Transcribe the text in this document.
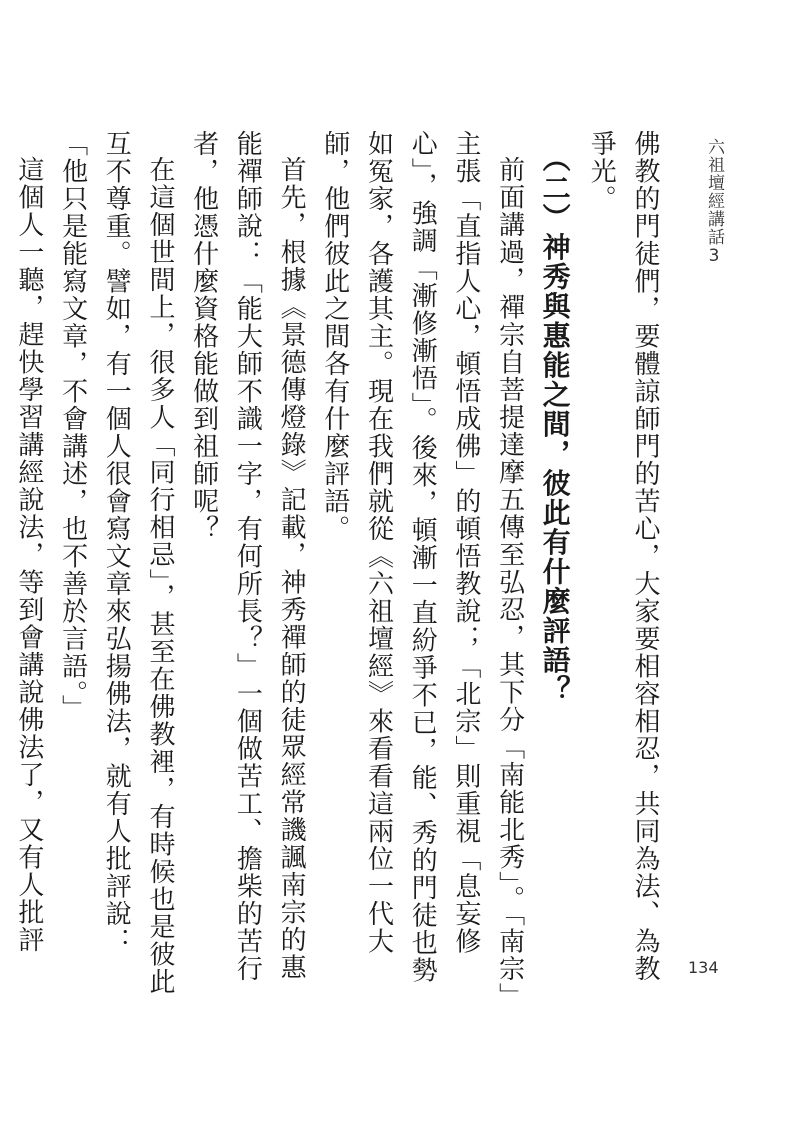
六祖壇經講話3
134

佛教的門徒們，要體諒師門的苦心，大家要相容相忍，共同為法、為教爭光。

（二）神秀與惠能之間，彼此有什麼評語？

前面講過，禪宗自菩提達摩五傳至弘忍，其下分「南能北秀」。「南宗」主張「直指人心，頓悟成佛」的頓悟教說；「北宗」則重視「息妄修心」，強調「漸修漸悟」。後來，頓漸一直紛爭不已，能、秀的門徒也勢如冤家，各護其主。現在我們就從《六祖壇經》來看看這兩位一代大師，他們彼此之間各有什麼評語。

首先，根據《景德傳燈錄》記載，神秀禪師的徒眾經常譏諷南宗的惠能禪師說：「能大師不識一字，有何所長？」一個做苦工、擔柴的苦行者，他憑什麼資格能做到祖師呢？

在這個世間上，很多人「同行相忌」，甚至在佛教裡，有時候也是彼此互不尊重。譬如，有一個人很會寫文章來弘揚佛法，就有人批評說：「他只是能寫文章，不會講述，也不善於言語。」

這個人一聽，趕快學習講經說法，等到會講說佛法了，又有人批評
